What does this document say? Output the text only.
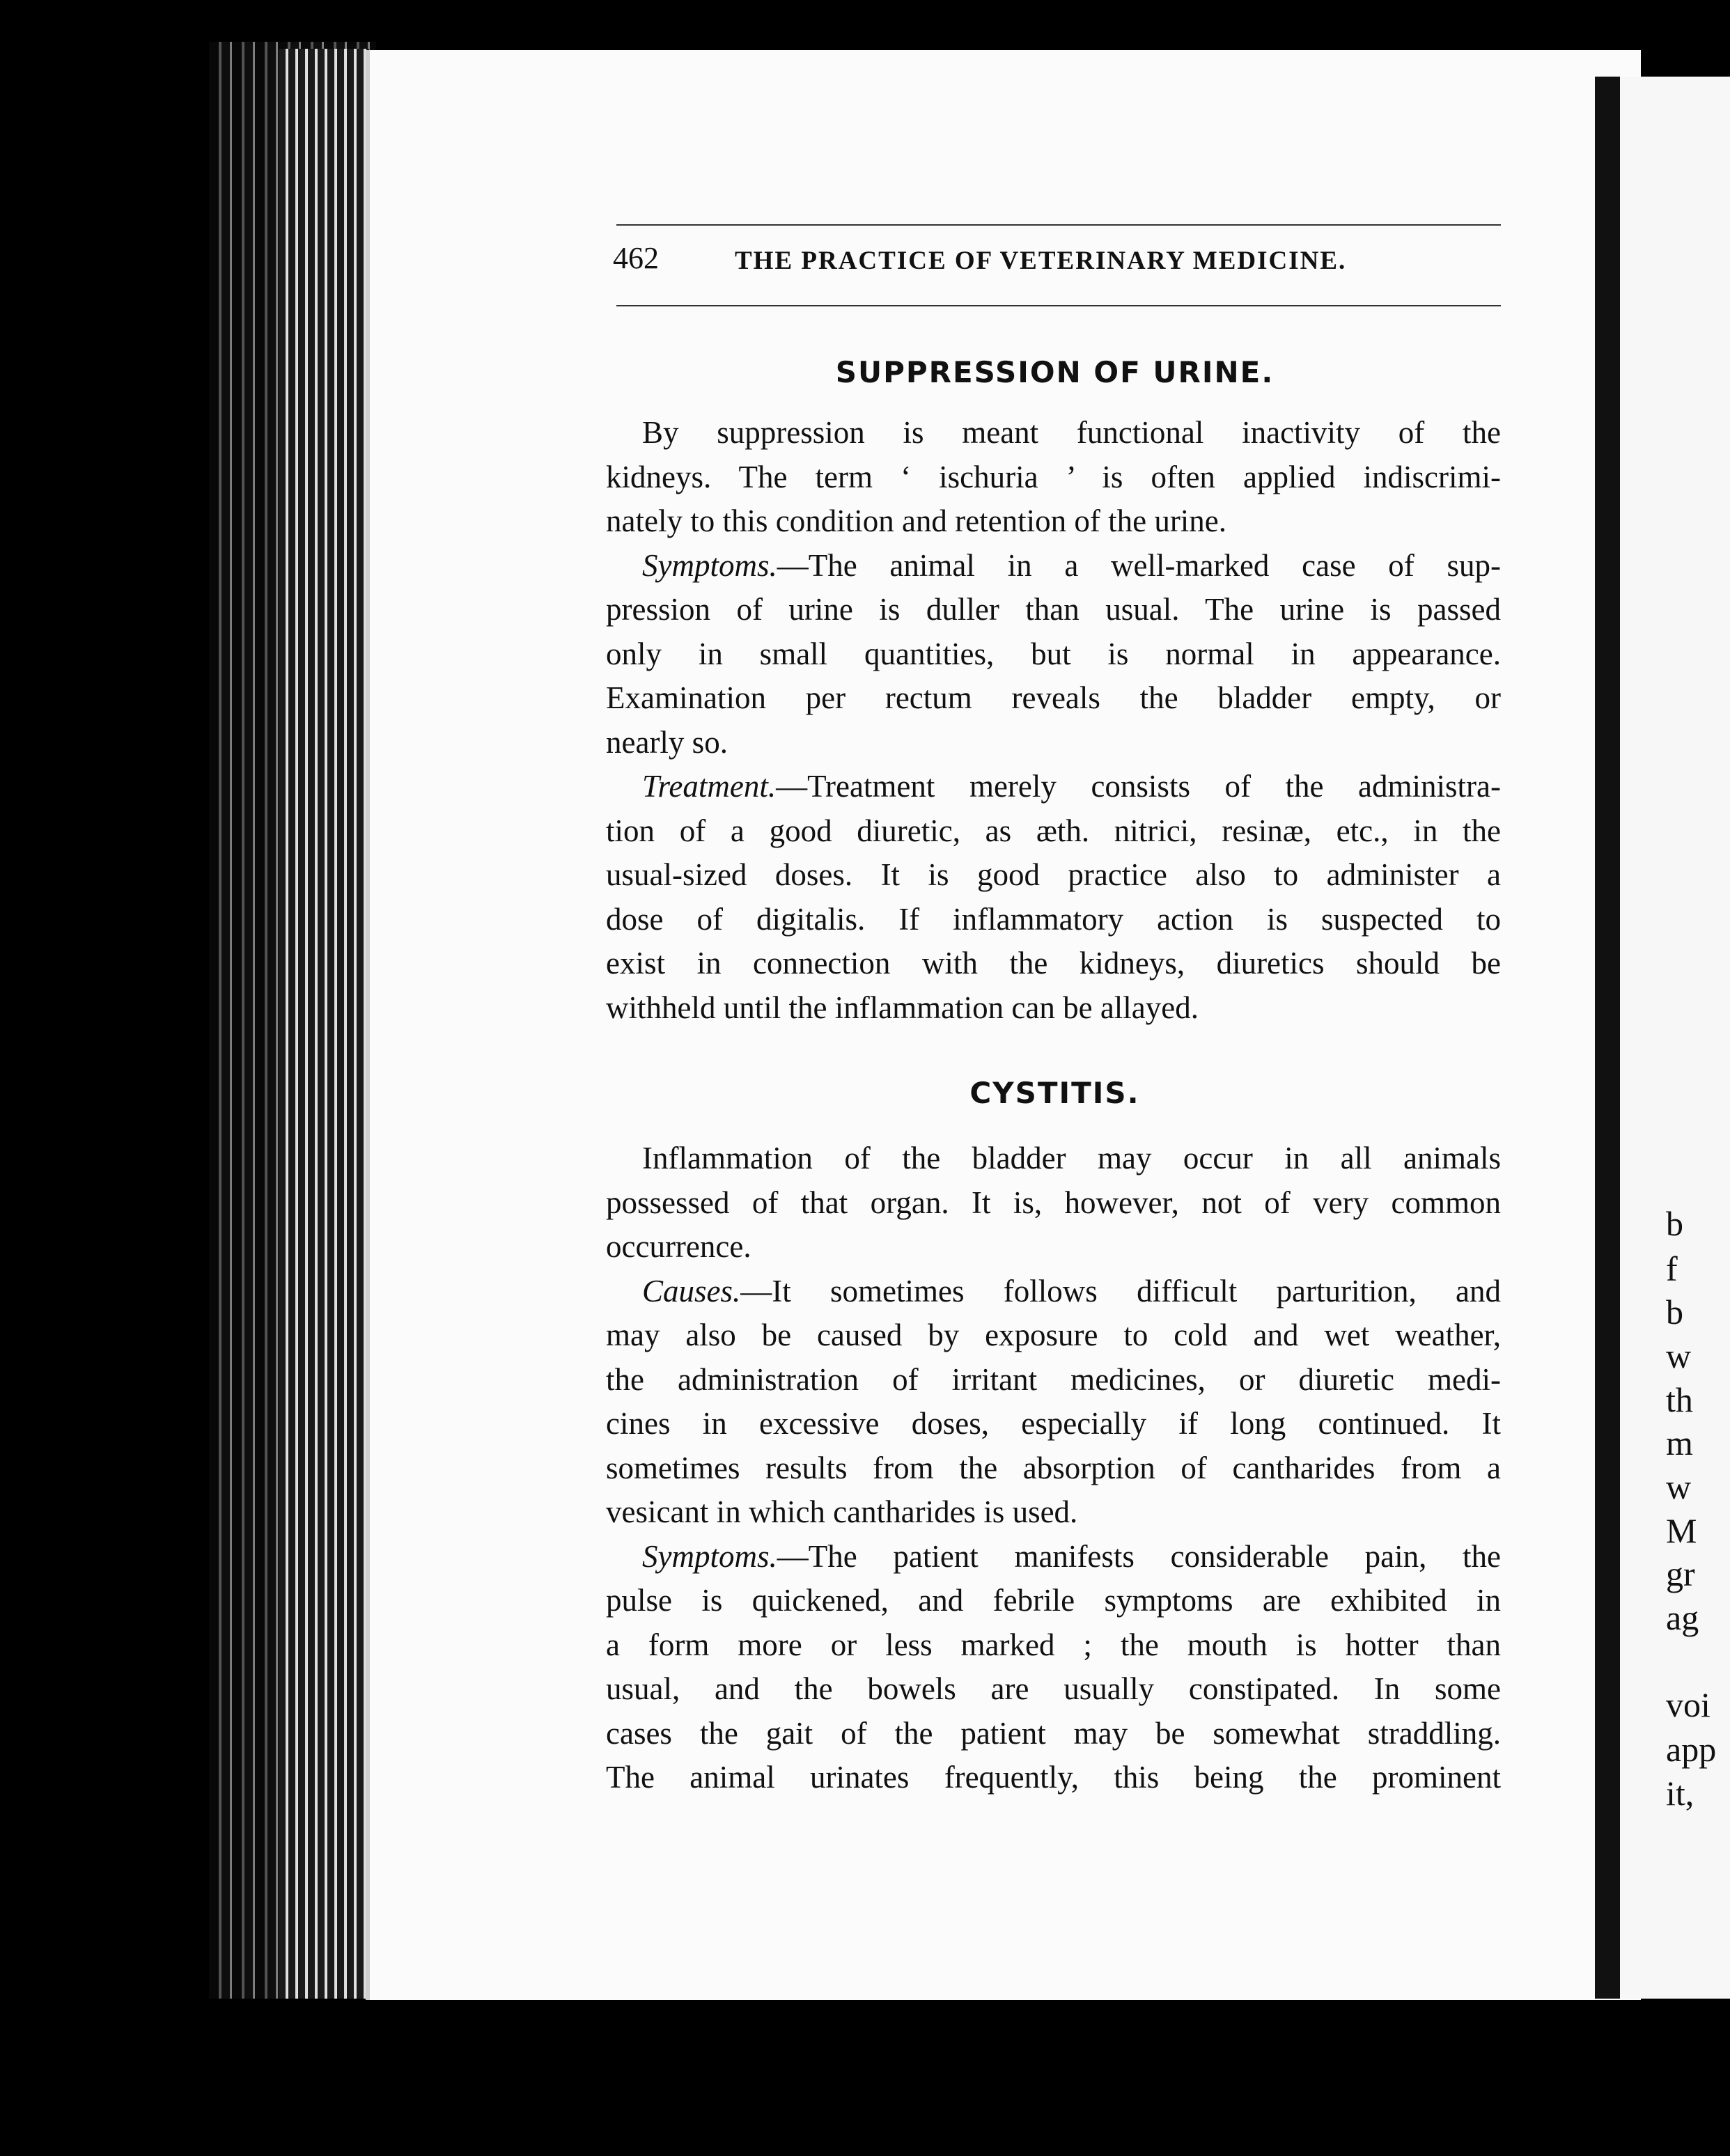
462	THE PRACTICE OF VETERINARY MEDICINE.
SUPPRESSION OF URINE.
By suppression is meant functional inactivity of the
kidneys. The term ‘ ischuria ’ is often applied indiscrimi-
nately to this condition and retention of the urine.
Symptoms.—The animal in a well-marked case of sup-
pression of urine is duller than usual. The urine is passed
only in small quantities, but is normal in appearance.
Examination per rectum reveals the bladder empty, or
nearly so.
Treatment.—Treatment merely consists of the administra-
tion of a good diuretic, as æth. nitrici, resinæ, etc., in the
usual-sized doses. It is good practice also to administer a
dose of digitalis. If inflammatory action is suspected to
exist in connection with the kidneys, diuretics should be
withheld until the inflammation can be allayed.
CYSTITIS.
Inflammation of the bladder may occur in all animals
possessed of that organ. It is, however, not of very common
occurrence.
Causes.—It sometimes follows difficult parturition, and
may also be caused by exposure to cold and wet weather,
the administration of irritant medicines, or diuretic medi-
cines in excessive doses, especially if long continued. It
sometimes results from the absorption of cantharides from a
vesicant in which cantharides is used.
Symptoms.—The patient manifests considerable pain, the
pulse is quickened, and febrile symptoms are exhibited in
a form more or less marked ; the mouth is hotter than
usual, and the bowels are usually constipated. In some
cases the gait of the patient may be somewhat straddling.
The animal urinates frequently, this being the prominent
b
f
b
w
th
m
w
M
gr
ag
voi
app
it,
